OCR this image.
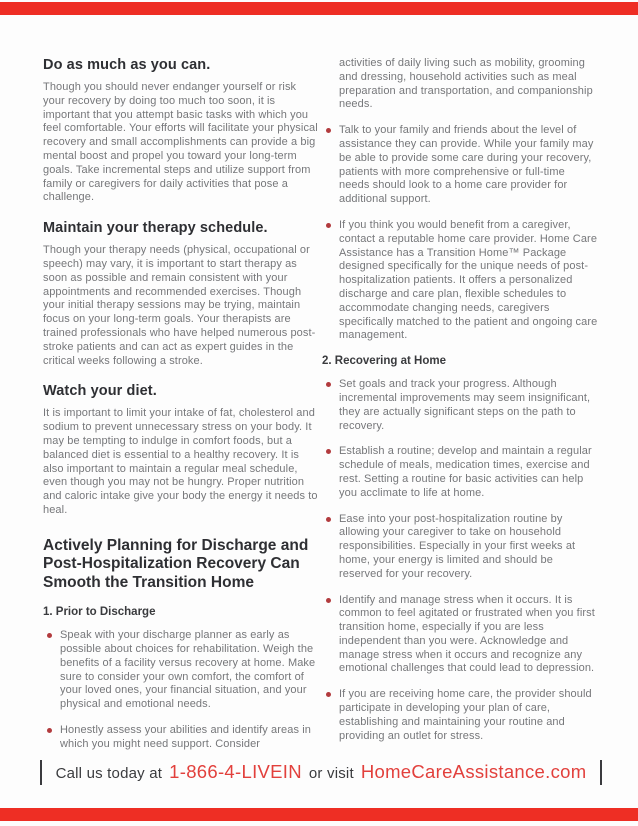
Do as much as you can.

Though you should never endanger yourself or risk your recovery by doing too much too soon, it is important that you attempt basic tasks with which you feel comfortable. Your efforts will facilitate your physical recovery and small accomplishments can provide a big mental boost and propel you toward your long-term goals. Take incremental steps and utilize support from family or caregivers for daily activities that pose a challenge.

Maintain your therapy schedule.

Though your therapy needs (physical, occupational or speech) may vary, it is important to start therapy as soon as possible and remain consistent with your appointments and recommended exercises. Though your initial therapy sessions may be trying, maintain focus on your long-term goals. Your therapists are trained professionals who have helped numerous post-stroke patients and can act as expert guides in the critical weeks following a stroke.

Watch your diet.

It is important to limit your intake of fat, cholesterol and sodium to prevent unnecessary stress on your body. It may be tempting to indulge in comfort foods, but a balanced diet is essential to a healthy recovery. It is also important to maintain a regular meal schedule, even though you may not be hungry. Proper nutrition and caloric intake give your body the energy it needs to heal.

Actively Planning for Discharge and Post-Hospitalization Recovery Can Smooth the Transition Home
1. Prior to Discharge

Speak with your discharge planner as early as possible about choices for rehabilitation. Weigh the benefits of a facility versus recovery at home. Make sure to consider your own comfort, the comfort of your loved ones, your financial situation, and your physical and emotional needs.

Honestly assess your abilities and identify areas in which you might need support. Consider

activities of daily living such as mobility, grooming and dressing, household activities such as meal preparation and transportation, and companionship needs.

Talk to your family and friends about the level of assistance they can provide. While your family may be able to provide some care during your recovery, patients with more comprehensive or full-time needs should look to a home care provider for additional support.

If you think you would benefit from a caregiver, contact a reputable home care provider. Home Care Assistance has a Transition Home™ Package designed specifically for the unique needs of post-hospitalization patients. It offers a personalized discharge and care plan, flexible schedules to accommodate changing needs, caregivers specifically matched to the patient and ongoing care management.

2. Recovering at Home

Set goals and track your progress. Although incremental improvements may seem insignificant, they are actually significant steps on the path to recovery.

Establish a routine; develop and maintain a regular schedule of meals, medication times, exercise and rest. Setting a routine for basic activities can help you acclimate to life at home.

Ease into your post-hospitalization routine by allowing your caregiver to take on household responsibilities. Especially in your first weeks at home, your energy is limited and should be reserved for your recovery.

Identify and manage stress when it occurs. It is common to feel agitated or frustrated when you first transition home, especially if you are less independent than you were. Acknowledge and manage stress when it occurs and recognize any emotional challenges that could lead to depression.

If you are receiving home care, the provider should participate in developing your plan of care, establishing and maintaining your routine and providing an outlet for stress.

Call us today at 1-866-4-LIVEIN or visit HomeCareAssistance.com
